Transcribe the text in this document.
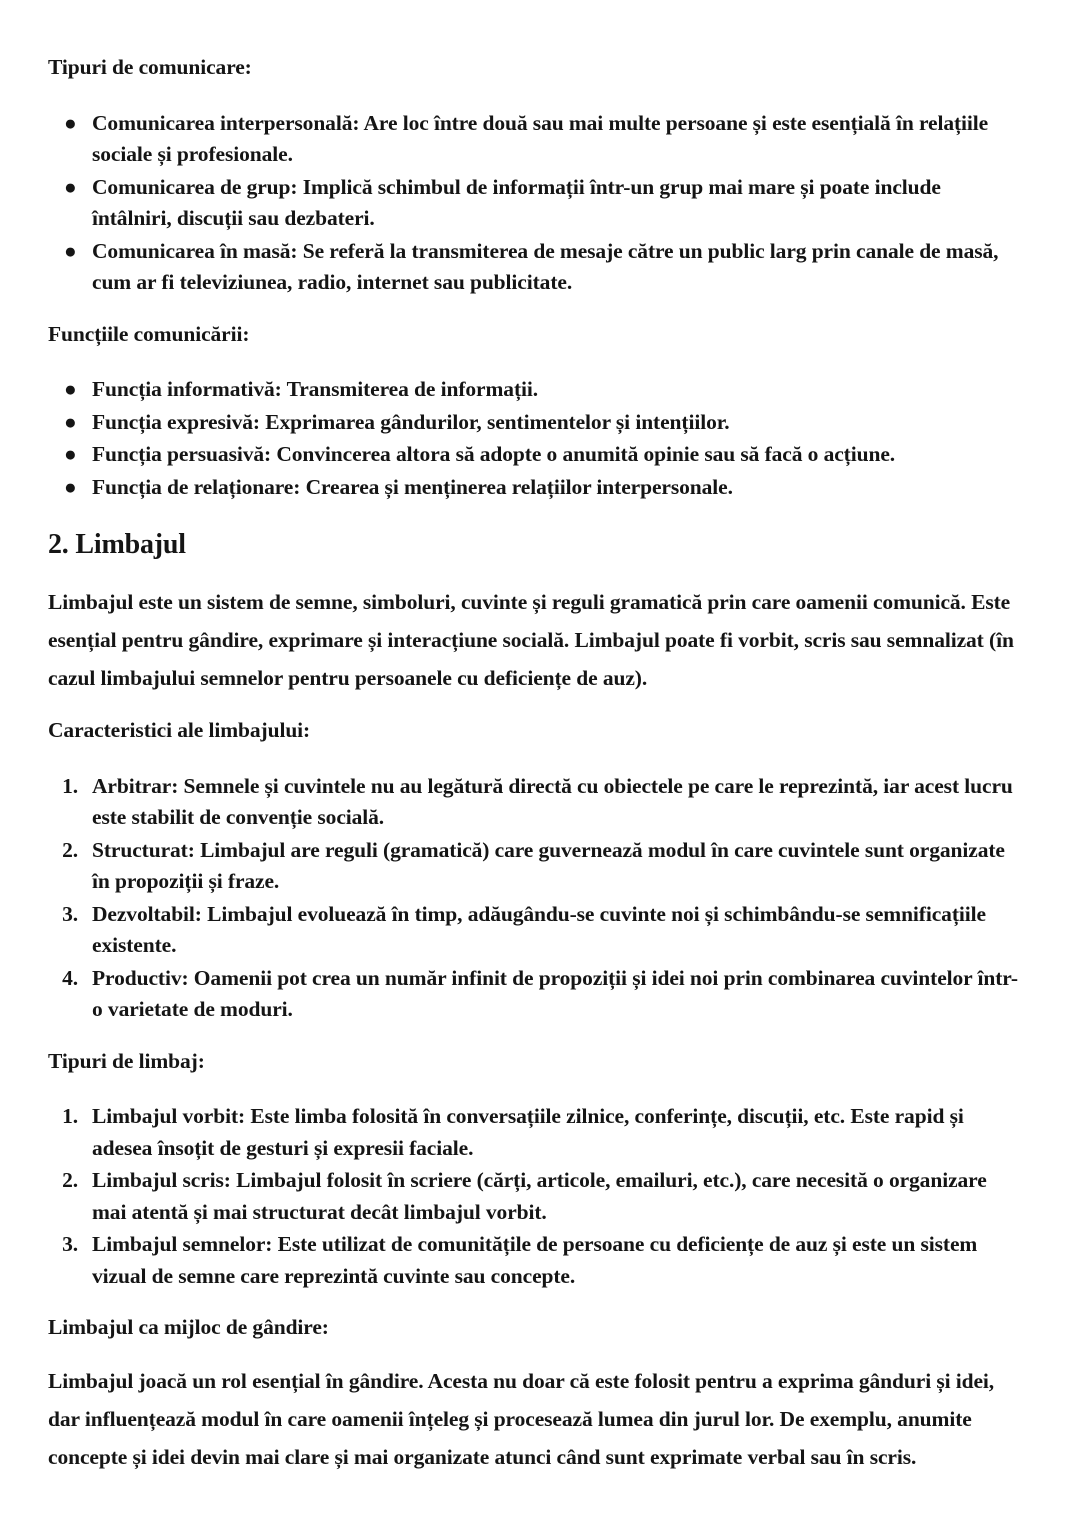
Tipuri de comunicare:

● Comunicarea interpersonală: Are loc între două sau mai multe persoane și este esențială în relațiile sociale și profesionale.
● Comunicarea de grup: Implică schimbul de informații într-un grup mai mare și poate include întâlniri, discuții sau dezbateri.
● Comunicarea în masă: Se referă la transmiterea de mesaje către un public larg prin canale de masă, cum ar fi televiziunea, radio, internet sau publicitate.

Funcțiile comunicării:

● Funcția informativă: Transmiterea de informații.
● Funcția expresivă: Exprimarea gândurilor, sentimentelor și intențiilor.
● Funcția persuasivă: Convincerea altora să adopte o anumită opinie sau să facă o acțiune.
● Funcția de relaționare: Crearea și menținerea relațiilor interpersonale.
2. Limbajul

Limbajul este un sistem de semne, simboluri, cuvinte și reguli gramatică prin care oamenii comunică. Este esențial pentru gândire, exprimare și interacțiune socială. Limbajul poate fi vorbit, scris sau semnalizat (în cazul limbajului semnelor pentru persoanele cu deficiențe de auz).

Caracteristici ale limbajului:

1. Arbitrar: Semnele și cuvintele nu au legătură directă cu obiectele pe care le reprezintă, iar acest lucru este stabilit de convenție socială.
2. Structurat: Limbajul are reguli (gramatică) care guvernează modul în care cuvintele sunt organizate în propoziții și fraze.
3. Dezvoltabil: Limbajul evoluează în timp, adăugându-se cuvinte noi și schimbându-se semnificațiile existente.
4. Productiv: Oamenii pot crea un număr infinit de propoziții și idei noi prin combinarea cuvintelor într-o varietate de moduri.

Tipuri de limbaj:

1. Limbajul vorbit: Este limba folosită în conversațiile zilnice, conferințe, discuții, etc. Este rapid și adesea însoțit de gesturi și expresii faciale.
2. Limbajul scris: Limbajul folosit în scriere (cărți, articole, emailuri, etc.), care necesită o organizare mai atentă și mai structurat decât limbajul vorbit.
3. Limbajul semnelor: Este utilizat de comunitățile de persoane cu deficiențe de auz și este un sistem vizual de semne care reprezintă cuvinte sau concepte.

Limbajul ca mijloc de gândire:

Limbajul joacă un rol esențial în gândire. Acesta nu doar că este folosit pentru a exprima gânduri și idei, dar influențează modul în care oamenii înțeleg și procesează lumea din jurul lor. De exemplu, anumite concepte și idei devin mai clare și mai organizate atunci când sunt exprimate verbal sau în scris.
